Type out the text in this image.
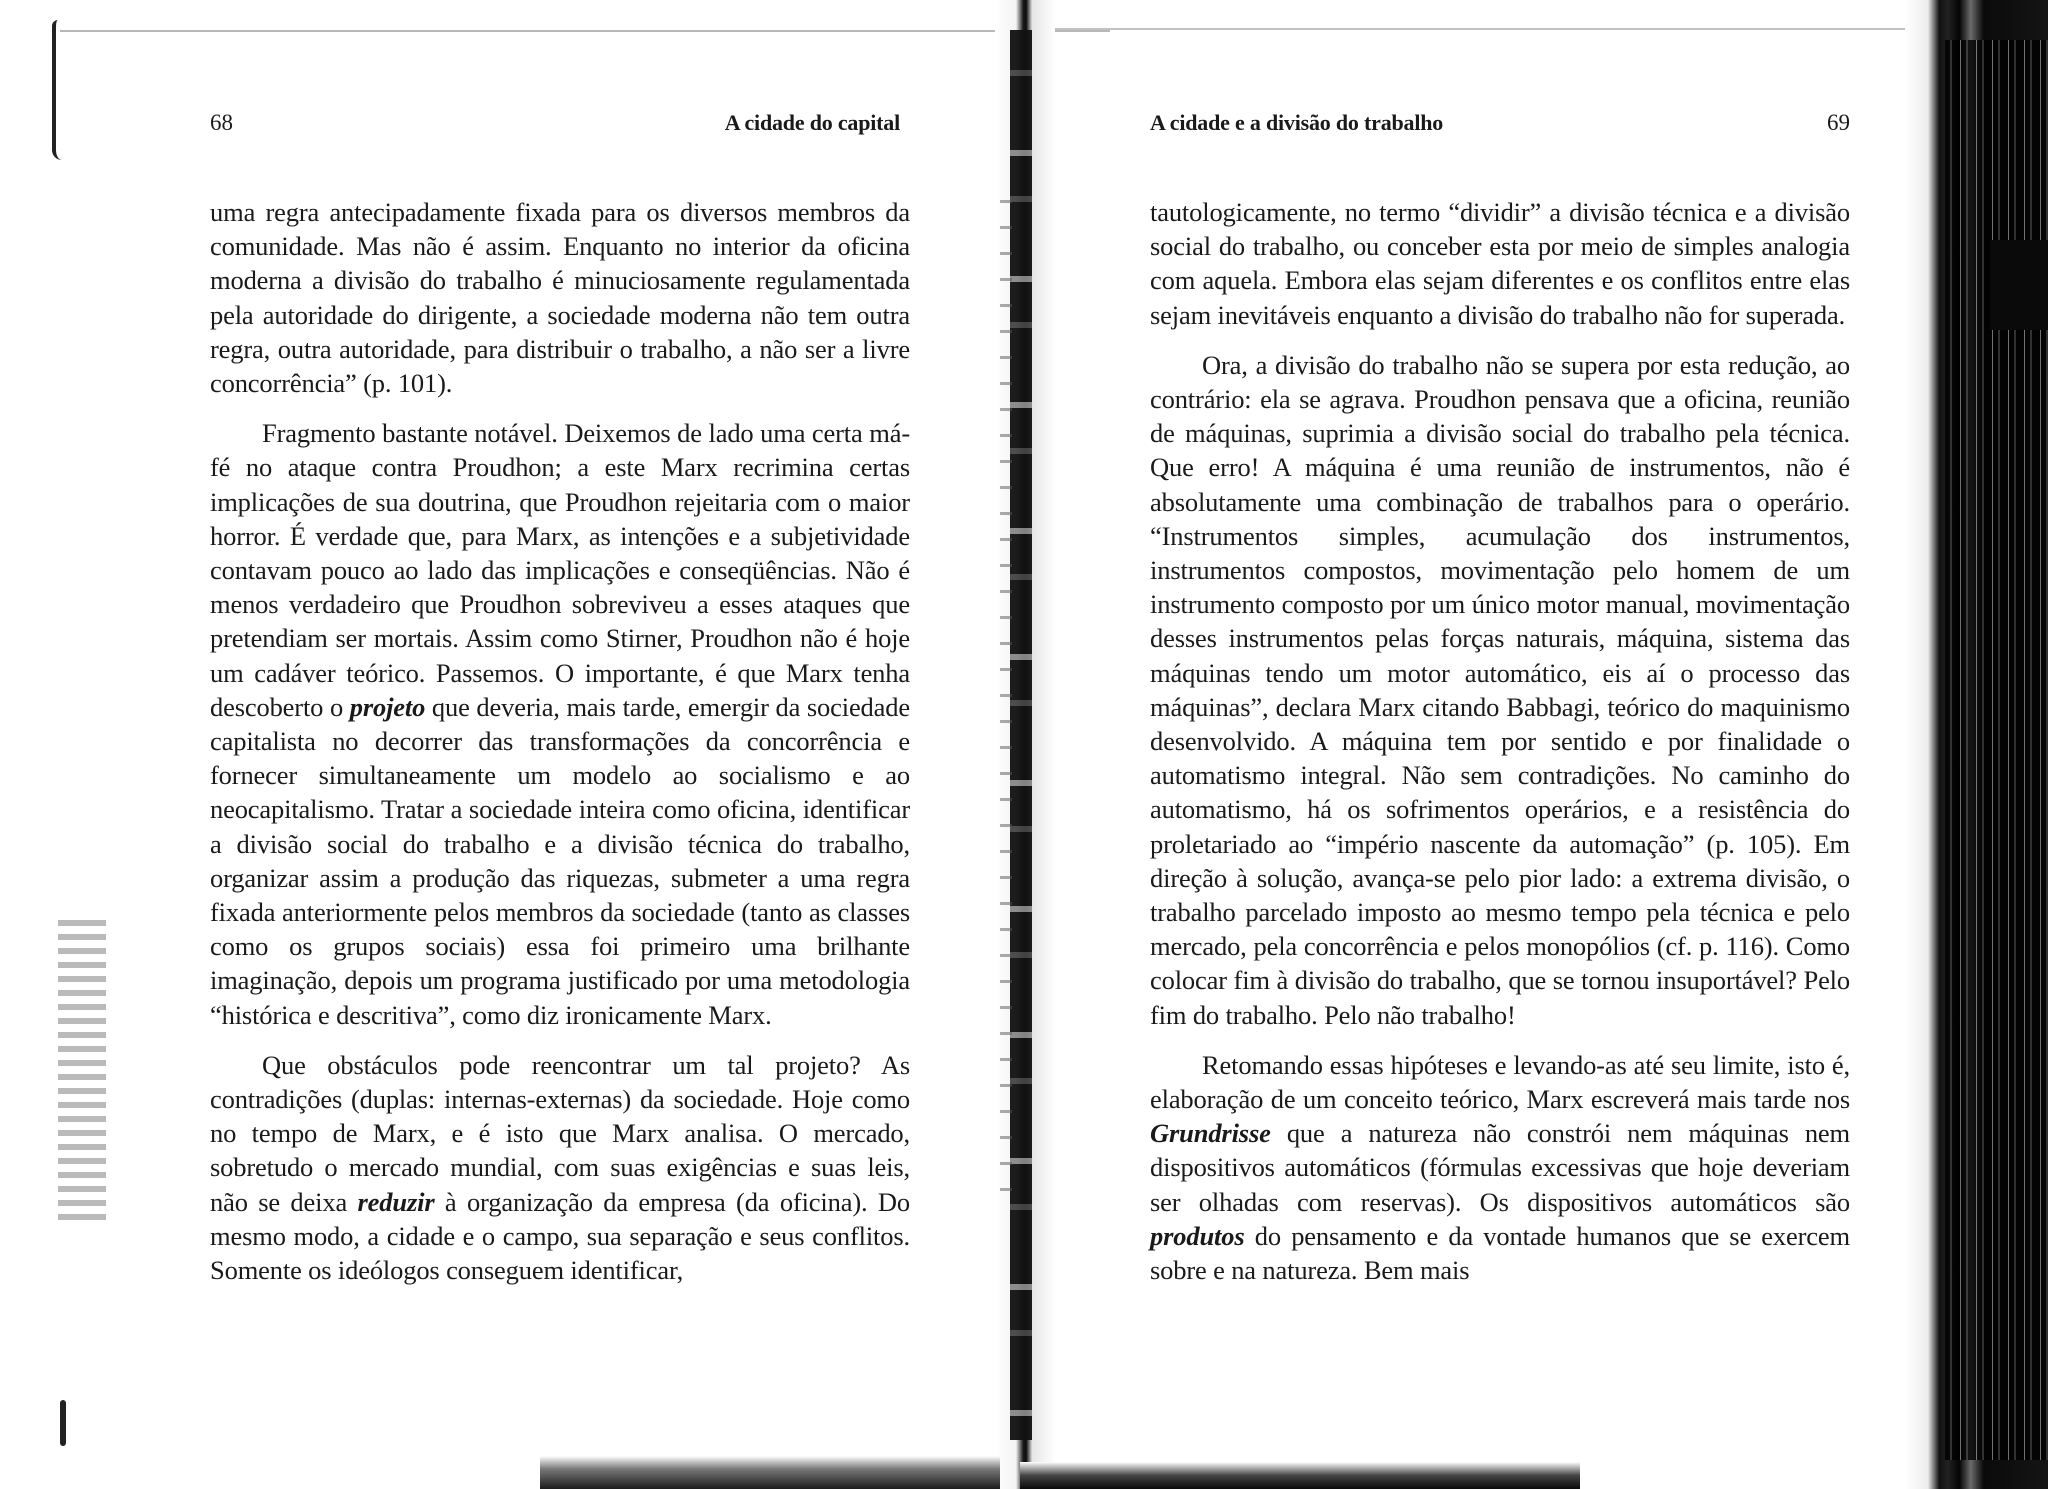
68	A cidade do capital

uma regra antecipadamente fixada para os diversos membros da comunidade. Mas não é assim. Enquanto no interior da oficina moderna a divisão do trabalho é minuciosamente regulamentada pela autoridade do dirigente, a sociedade moderna não tem outra regra, outra autoridade, para distribuir o trabalho, a não ser a livre concorrência” (p. 101).

Fragmento bastante notável. Deixemos de lado uma certa má-fé no ataque contra Proudhon; a este Marx recrimina certas implicações de sua doutrina, que Proudhon rejeitaria com o maior horror. É verdade que, para Marx, as intenções e a subjetividade contavam pouco ao lado das implicações e conseqüências. Não é menos verdadeiro que Proudhon sobreviveu a esses ataques que pretendiam ser mortais. Assim como Stirner, Proudhon não é hoje um cadáver teórico. Passemos. O importante, é que Marx tenha descoberto o projeto que deveria, mais tarde, emergir da sociedade capitalista no decorrer das transformações da concorrência e fornecer simultaneamente um modelo ao socialismo e ao neocapitalismo. Tratar a sociedade inteira como oficina, identificar a divisão social do trabalho e a divisão técnica do trabalho, organizar assim a produção das riquezas, submeter a uma regra fixada anteriormente pelos membros da sociedade (tanto as classes como os grupos sociais) essa foi primeiro uma brilhante imaginação, depois um programa justificado por uma metodologia “histórica e descritiva”, como diz ironicamente Marx.

Que obstáculos pode reencontrar um tal projeto? As contradições (duplas: internas-externas) da sociedade. Hoje como no tempo de Marx, e é isto que Marx analisa. O mercado, sobretudo o mercado mundial, com suas exigências e suas leis, não se deixa reduzir à organização da empresa (da oficina). Do mesmo modo, a cidade e o campo, sua separação e seus conflitos. Somente os ideólogos conseguem identificar,

A cidade e a divisão do trabalho	69

tautologicamente, no termo “dividir” a divisão técnica e a divisão social do trabalho, ou conceber esta por meio de simples analogia com aquela. Embora elas sejam diferentes e os conflitos entre elas sejam inevitáveis enquanto a divisão do trabalho não for superada.

Ora, a divisão do trabalho não se supera por esta redução, ao contrário: ela se agrava. Proudhon pensava que a oficina, reunião de máquinas, suprimia a divisão social do trabalho pela técnica. Que erro! A máquina é uma reunião de instrumentos, não é absolutamente uma combinação de trabalhos para o operário. “Instrumentos simples, acumulação dos instrumentos, instrumentos compostos, movimentação pelo homem de um instrumento composto por um único motor manual, movimentação desses instrumentos pelas forças naturais, máquina, sistema das máquinas tendo um motor automático, eis aí o processo das máquinas”, declara Marx citando Babbagi, teórico do maquinismo desenvolvido. A máquina tem por sentido e por finalidade o automatismo integral. Não sem contradições. No caminho do automatismo, há os sofrimentos operários, e a resistência do proletariado ao “império nascente da automação” (p. 105). Em direção à solução, avança-se pelo pior lado: a extrema divisão, o trabalho parcelado imposto ao mesmo tempo pela técnica e pelo mercado, pela concorrência e pelos monopólios (cf. p. 116). Como colocar fim à divisão do trabalho, que se tornou insuportável? Pelo fim do trabalho. Pelo não trabalho!

Retomando essas hipóteses e levando-as até seu limite, isto é, elaboração de um conceito teórico, Marx escreverá mais tarde nos Grundrisse que a natureza não constrói nem máquinas nem dispositivos automáticos (fórmulas excessivas que hoje deveriam ser olhadas com reservas). Os dispositivos automáticos são produtos do pensamento e da vontade humanos que se exercem sobre e na natureza. Bem mais
